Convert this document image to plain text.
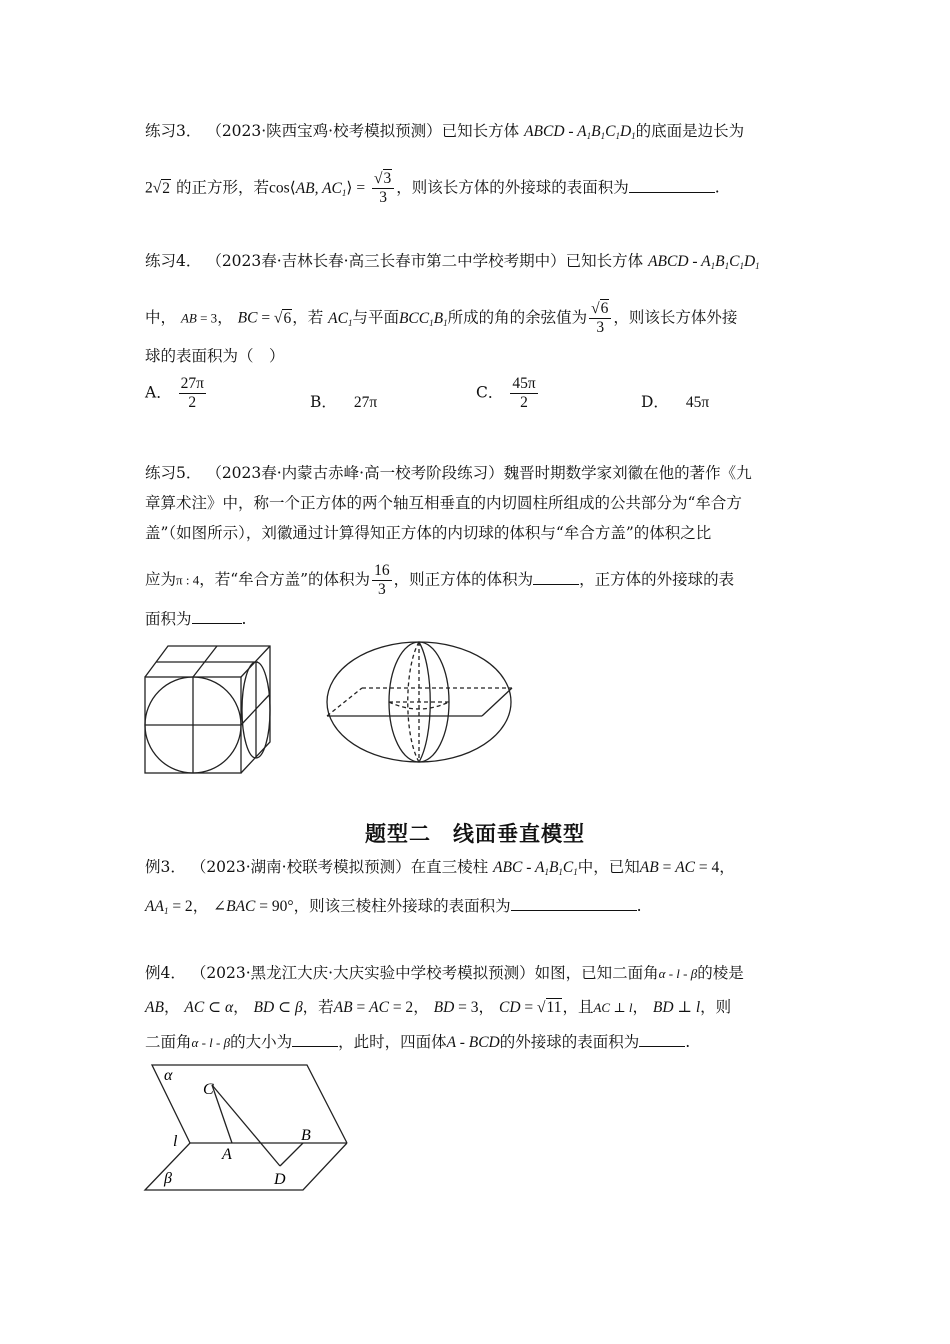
练习3． （2023·陕西宝鸡·校考模拟预测）已知长方体 ABCD - $A_1B_1C_1D_1$的底面是边长为
2√2 的正方形，若cos⟨AB, $AC_1⟩ = \frac{√3}{3}$ ，则该长方体的外接球的表面积为	.
练习4． （2023春·吉林长春·高三长春市第二中学校考期中）已知长方体 ABCD - $A_1B_1C_1D_1$
中， AB = 3， BC = √6，若 $AC_1$与平面$BCC_1B_1$所成的角的余弦值为 $\frac{√6}{3}$ ，则该长方体外接
球的表面积为（　）
A． $\frac{27\pi}{2}$	B． 27π
C． $\frac{45\pi}{2}$	D． 45π
练习5． （2023春·内蒙古赤峰·高一校考阶段练习）魏晋时期数学家刘徽在他的著作《九
章算术注》中，称一个正方体的两个轴互相垂直的内切圆柱所组成的公共部分为“牟合方
盖”（如图所示），刘徽通过计算得知正方体的内切球的体积与“牟合方盖”的体积之比
应为π : 4，若“牟合方盖”的体积为 $\frac{16}{3}$ ，则正方体的体积为	，正方体的外接球的表
面积为	.
题型二　线面垂直模型
例3． （2023·湖南·校联考模拟预测）在直三棱柱 ABC - $A_1B_1C_1$中，已知AB = AC = 4，
$AA_1 = 2$， ∠BAC = 90°，则该三棱柱外接球的表面积为	.
例4． （2023·黑龙江大庆·大庆实验中学校考模拟预测）如图，已知二面角α - l - β的棱是
AB， AC ⊂ α， BD ⊂ β，若AB = AC = 2， BD = 3， CD = √11，且AC ⊥ l， BD ⊥ l，则
二面角α - l - β的大小为	，此时，四面体A - BCD的外接球的表面积为	.
α
β
l
C
A
B
D
